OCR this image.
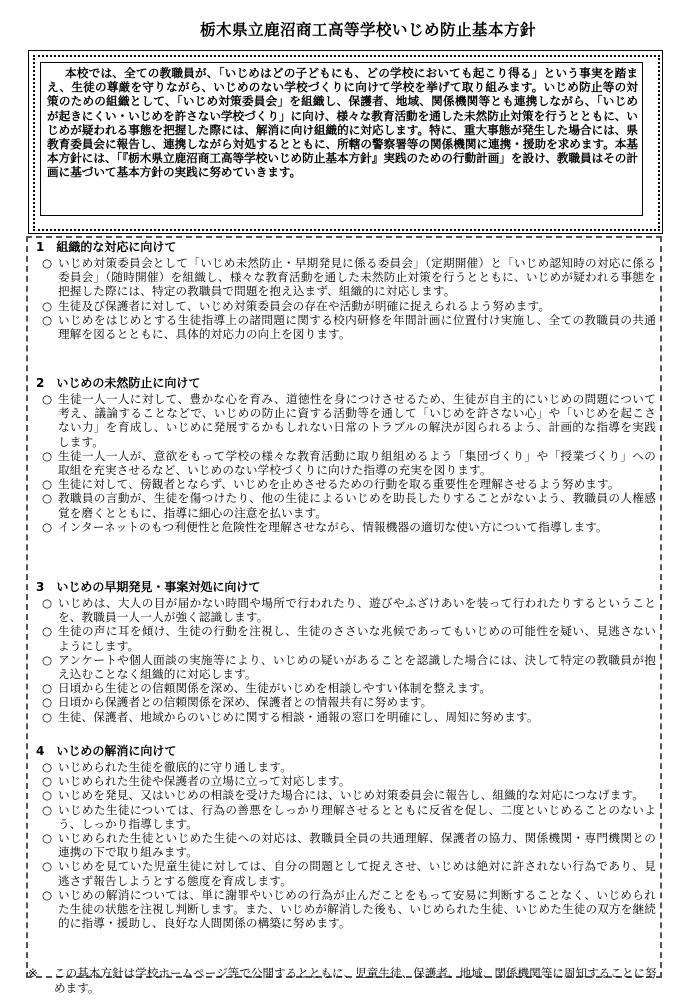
栃木県立鹿沼商工高等学校いじめ防止基本方針

本校では、全ての教職員が、「いじめはどの子どもにも、どの学校においても起こり得る」という事実を踏まえ、生徒の尊厳を守りながら、いじめのない学校づくりに向けて学校を挙げて取り組みます。いじめ防止等の対策のための組織として、「いじめ対策委員会」を組織し、保護者、地域、関係機関等とも連携しながら、「いじめが起きにくい・いじめを許さない学校づくり」に向け、様々な教育活動を通した未然防止対策を行うとともに、いじめが疑われる事態を把握した際には、解消に向け組織的に対応します。特に、重大事態が発生した場合には、県教育委員会に報告し、連携しながら対処するとともに、所轄の警察署等の関係機関に連携・援助を求めます。本基本方針には、「『栃木県立鹿沼商工高等学校いじめ防止基本方針』実践のための行動計画」を設け、教職員はその計画に基づいて基本方針の実践に努めていきます。

1　組織的な対応に向けて

○ いじめ対策委員会として「いじめ未然防止・早期発見に係る委員会」（定期開催）と「いじめ認知時の対応に係る委員会」（随時開催）を組織し、様々な教育活動を通した未然防止対策を行うとともに、いじめが疑われる事態を把握した際には、特定の教職員で問題を抱え込まず、組織的に対応します。
○ 生徒及び保護者に対して、いじめ対策委員会の存在や活動が明確に捉えられるよう努めます。
○ いじめをはじめとする生徒指導上の諸問題に関する校内研修を年間計画に位置付け実施し、全ての教職員の共通理解を図るとともに、具体的対応力の向上を図ります。

2　いじめの未然防止に向けて

○ 生徒一人一人に対して、豊かな心を育み、道徳性を身につけさせるため、生徒が自主的にいじめの問題について考え、議論することなどで、いじめの防止に資する活動等を通して「いじめを許さない心」や「いじめを起こさない力」を育成し、いじめに発展するかもしれない日常のトラブルの解決が図られるよう、計画的な指導を実践します。
○ 生徒一人一人が、意欲をもって学校の様々な教育活動に取り組組めるよう「集団づくり」や「授業づくり」への取組を充実させるなど、いじめのない学校づくりに向けた指導の充実を図ります。
○ 生徒に対して、傍観者とならず、いじめを止めさせるための行動を取る重要性を理解させるよう努めます。
○ 教職員の言動が、生徒を傷つけたり、他の生徒によるいじめを助長したりすることがないよう、教職員の人権感覚を磨くとともに、指導に細心の注意を払います。
○ インターネットのもつ利便性と危険性を理解させながら、情報機器の適切な使い方について指導します。

3　いじめの早期発見・事案対処に向けて

○ いじめは、大人の目が届かない時間や場所で行われたり、遊びやふざけあいを装って行われたりするということを、教職員一人一人が強く認識します。
○ 生徒の声に耳を傾け、生徒の行動を注視し、生徒のささいな兆候であってもいじめの可能性を疑い、見逃さないようにします。
○ アンケートや個人面談の実施等により、いじめの疑いがあることを認識した場合には、決して特定の教職員が抱え込むことなく組織的に対応します。
○ 日頃から生徒との信頼関係を深め、生徒がいじめを相談しやすい体制を整えます。
○ 日頃から保護者との信頼関係を深め、保護者との情報共有に努めます。
○ 生徒、保護者、地域からのいじめに関する相談・通報の窓口を明確にし、周知に努めます。

4　いじめの解消に向けて

○ いじめられた生徒を徹底的に守り通します。
○ いじめられた生徒や保護者の立場に立って対応します。
○ いじめを発見、又はいじめの相談を受けた場合には、いじめ対策委員会に報告し、組織的な対応につなげます。
○ いじめた生徒については、行為の善悪をしっかり理解させるとともに反省を促し、二度といじめることのないよう、しっかり指導します。
○ いじめられた生徒といじめた生徒への対応は、教職員全員の共通理解、保護者の協力、関係機関・専門機関との連携の下で取り組みます。
○ いじめを見ていた児童生徒に対しては、自分の問題として捉えさせ、いじめは絶対に許されない行為であり、見逃さず報告しようとする態度を育成します。
○ いじめの解消については、単に謝罪やいじめの行為が止んだことをもって安易に判断することなく、いじめられた生徒の状態を注視し判断します。また、いじめが解消した後も、いじめられた生徒、いじめた生徒の双方を継続的に指導・援助し、良好な人間関係の構築に努めます。
※	この基本方針は学校ホームページ等で公開するとともに、児童生徒、保護者、地域、関係機関等に周知することに努めます。
